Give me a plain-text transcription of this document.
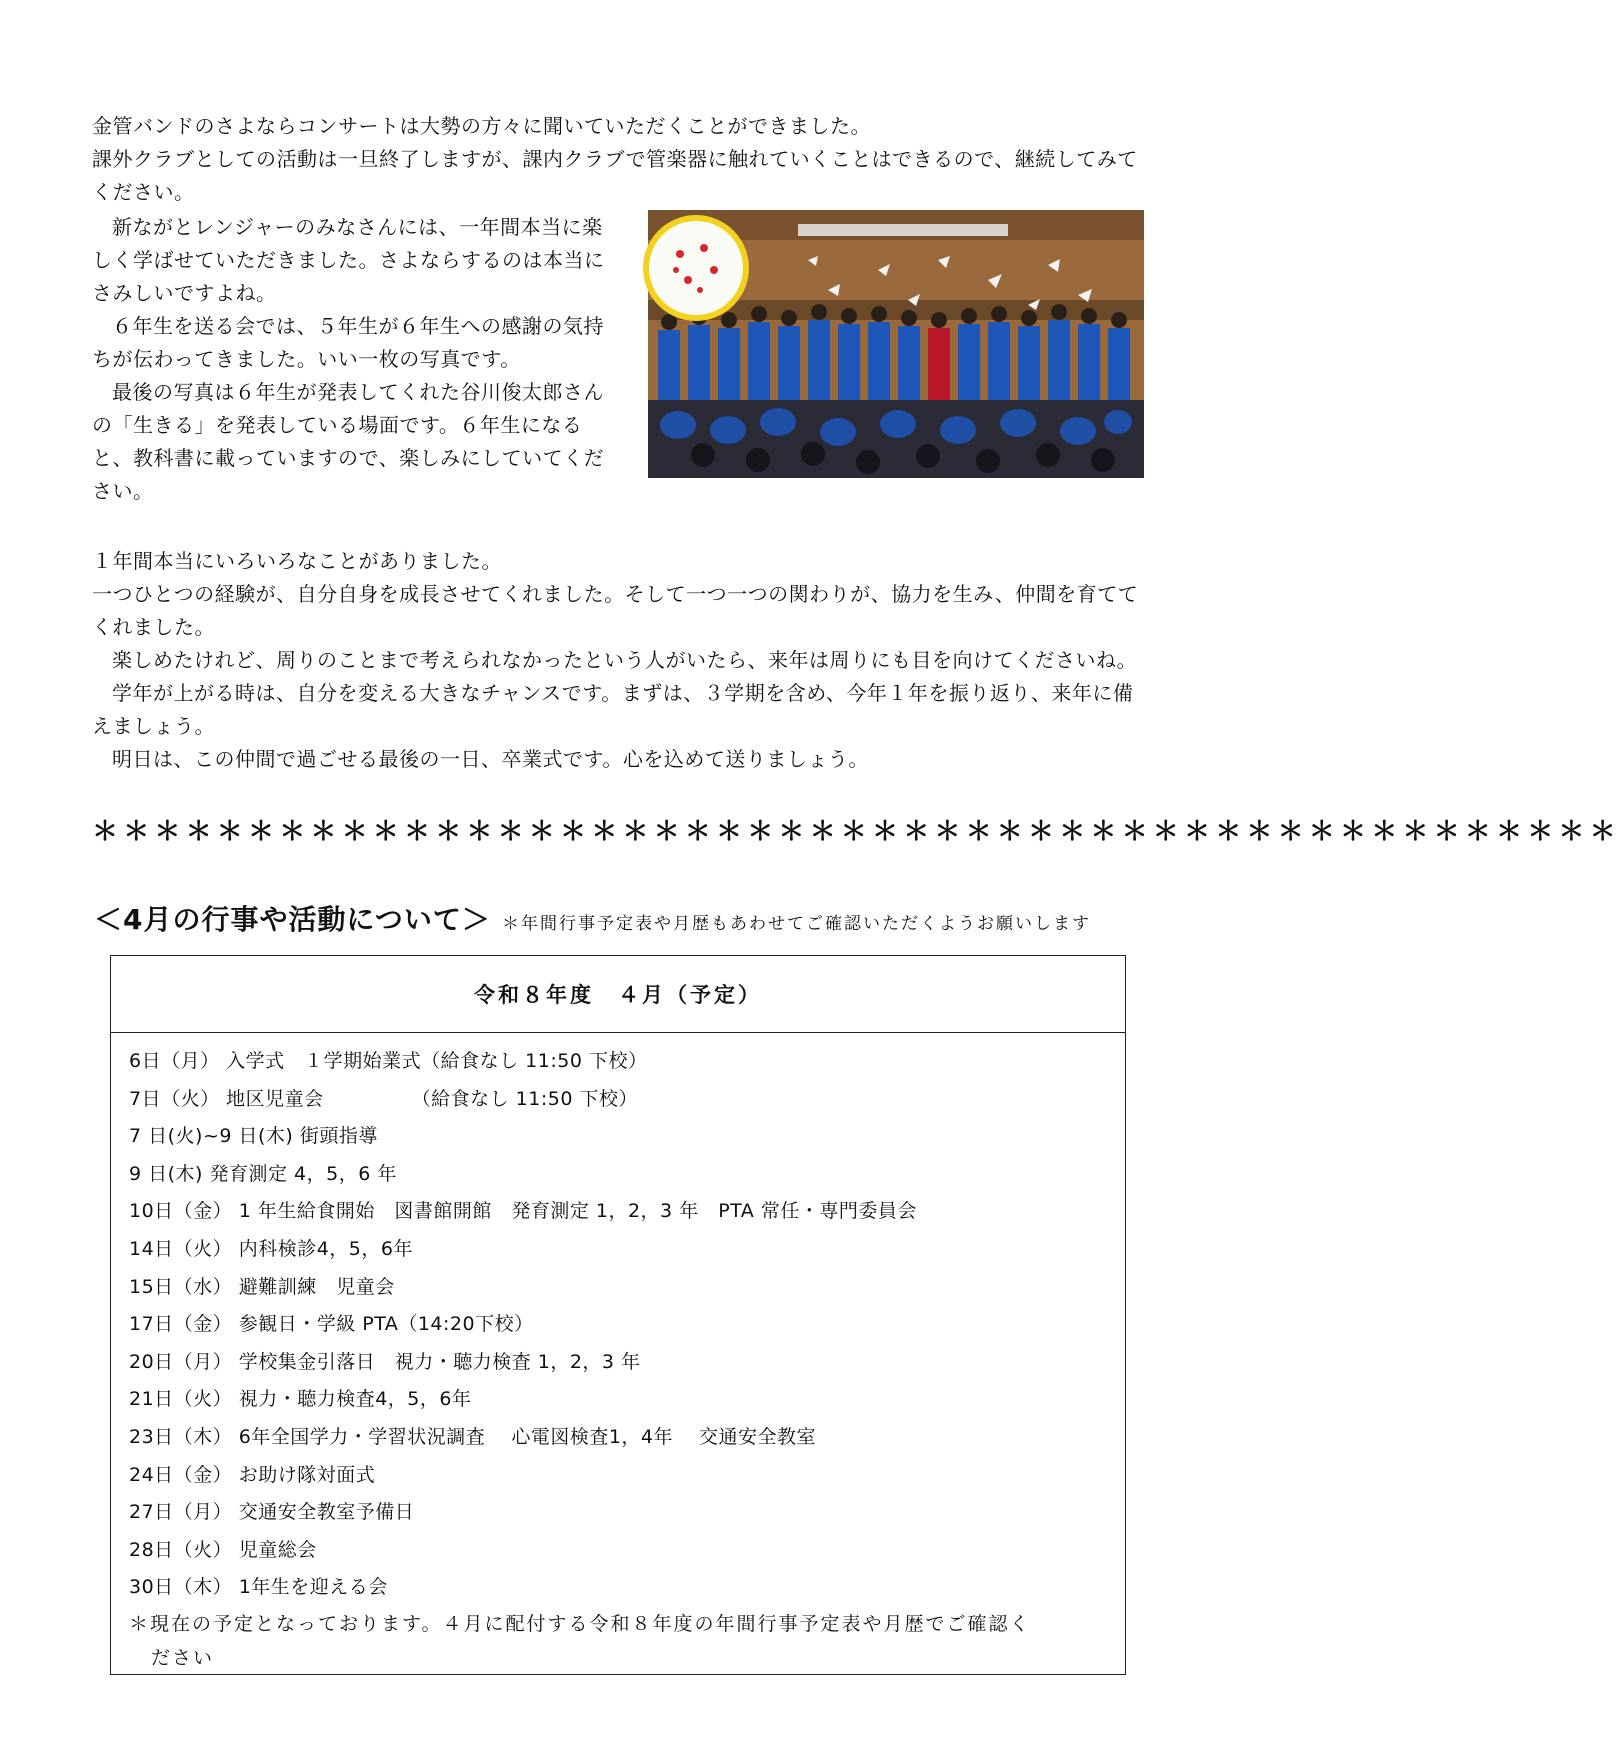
金管バンドのさよならコンサートは大勢の方々に聞いていただくことができました。
課外クラブとしての活動は一旦終了しますが、課内クラブで管楽器に触れていくことはできるので、継続してみてください。
新ながとレンジャーのみなさんには、一年間本当に楽しく学ばせていただきました。さよならするのは本当にさみしいですよね。
６年生を送る会では、５年生が６年生への感謝の気持ちが伝わってきました。いい一枚の写真です。
最後の写真は６年生が発表してくれた谷川俊太郎さんの「生きる」を発表している場面です。６年生になると、教科書に載っていますので、楽しみにしていてください。
１年間本当にいろいろなことがありました。
一つひとつの経験が、自分自身を成長させてくれました。そして一つ一つの関わりが、協力を生み、仲間を育ててくれました。
楽しめたけれど、周りのことまで考えられなかったという人がいたら、来年は周りにも目を向けてくださいね。
学年が上がる時は、自分を変える大きなチャンスです。まずは、３学期を含め、今年１年を振り返り、来年に備えましょう。
明日は、この仲間で過ごせる最後の一日、卒業式です。心を込めて送りましょう。
＊＊＊＊＊＊＊＊＊＊＊＊＊＊＊＊＊＊＊＊＊＊＊＊＊＊＊＊＊＊＊＊＊＊＊＊＊＊＊＊＊＊＊＊＊＊＊＊＊
＜4月の行事や活動について＞ ＊年間行事予定表や月歴もあわせてご確認いただくようお願いします
令和８年度　４月（予定）
6日（月） 入学式　１学期始業式（給食なし 11:50 下校）
7日（火） 地区児童会　　　　　（給食なし 11:50 下校）
7 日(火)~9 日(木) 街頭指導
9 日(木) 発育測定 4，5，6 年
10日（金） 1 年生給食開始　図書館開館　発育測定 1，2，3 年　PTA 常任・専門委員会
14日（火） 内科検診4，5，6年
15日（水） 避難訓練　児童会
17日（金） 参観日・学級 PTA（14:20下校）
20日（月） 学校集金引落日　視力・聴力検査 1，2，3 年
21日（火） 視力・聴力検査4，5，6年
23日（木） 6年全国学力・学習状況調査　 心電図検査1，4年　 交通安全教室
24日（金） お助け隊対面式
27日（月） 交通安全教室予備日
28日（火） 児童総会
30日（木） 1年生を迎える会
＊現在の予定となっております。４月に配付する令和８年度の年間行事予定表や月歴でご確認く
ださい
